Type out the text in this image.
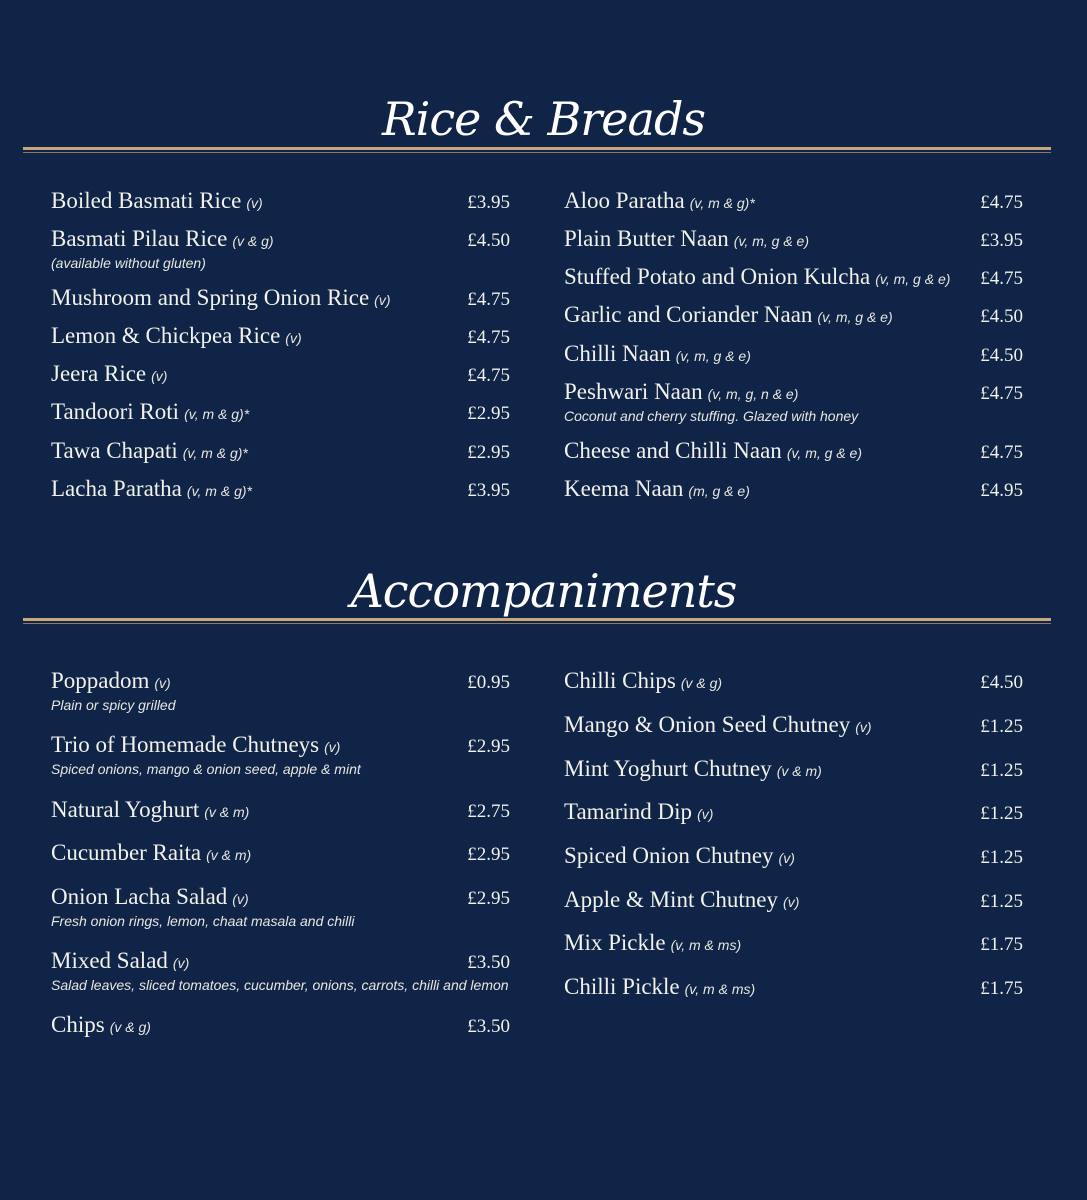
Rice & Breads
Boiled Basmati Rice (v)	£3.95
Basmati Pilau Rice (v & g)	£4.50
(available without gluten)
Mushroom and Spring Onion Rice (v)	£4.75
Lemon & Chickpea Rice (v)	£4.75
Jeera Rice (v)	£4.75
Tandoori Roti (v, m & g)*	£2.95
Tawa Chapati (v, m & g)*	£2.95
Lacha Paratha (v, m & g)*	£3.95
Aloo Paratha (v, m & g)*	£4.75
Plain Butter Naan (v, m, g & e)	£3.95
Stuffed Potato and Onion Kulcha (v, m, g & e)	£4.75
Garlic and Coriander Naan (v, m, g & e)	£4.50
Chilli Naan (v, m, g & e)	£4.50
Peshwari Naan (v, m, g, n & e)	£4.75
Coconut and cherry stuffing. Glazed with honey
Cheese and Chilli Naan (v, m, g & e)	£4.75
Keema Naan (m, g & e)	£4.95
Accompaniments
Poppadom (v)	£0.95
Plain or spicy grilled
Trio of Homemade Chutneys (v)	£2.95
Spiced onions, mango & onion seed, apple & mint
Natural Yoghurt (v & m)	£2.75
Cucumber Raita (v & m)	£2.95
Onion Lacha Salad (v)	£2.95
Fresh onion rings, lemon, chaat masala and chilli
Mixed Salad (v)	£3.50
Salad leaves, sliced tomatoes, cucumber, onions, carrots, chilli and lemon
Chips (v & g)	£3.50
Chilli Chips (v & g)	£4.50
Mango & Onion Seed Chutney (v)	£1.25
Mint Yoghurt Chutney (v & m)	£1.25
Tamarind Dip (v)	£1.25
Spiced Onion Chutney (v)	£1.25
Apple & Mint Chutney (v)	£1.25
Mix Pickle (v, m & ms)	£1.75
Chilli Pickle (v, m & ms)	£1.75
